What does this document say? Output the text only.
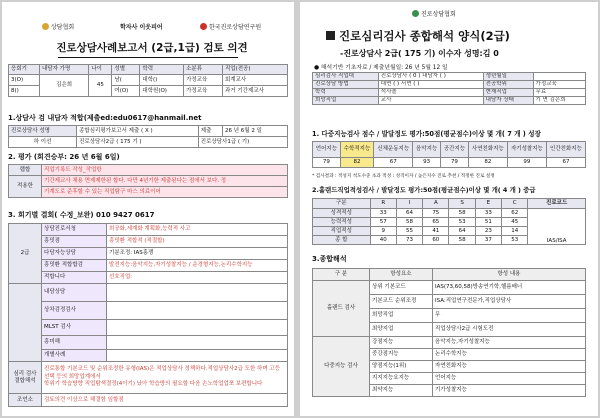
상담협회	학자사 이웃피어	한국진로상담연구원
진로상담사례보고서 (2급,1급) 검토 의견
응회기	내담자 가명	나이	성별	학력	소분류	직업(전공)
3(O)	김은희	45	남(	대학()	가정교육	회계교사
8()			여(O)	대학원(O)	가정교육	과거 기간제교사
1.상담사 검 내담자 적합(제출ed:edu0617@hanmail.net
진로상담사 성명	종합심리평가보고서 제출 ( X )	제출	26 년 6월 2 일
하 이선	진로상담사2급 ( 175 기 )	진로상담사1급 ( 기)	
2. 평가 (희견승부: 26 년 6월 6일)
랩합	직업기록도 작성_작업항
적용한	기간제교사 채용 면제제한된 합다. 다만 4년기한 제출된다는 점에서 보다. 정
	기계도로 준후할 수 있는 직업탐구 마스 의료이어
3. 희기별 결회( 수정_보완) 010 9427 0617
2급	상담진로서청	희공화,세계화 계획화,능력적 사고
	흥밋점	흥밋환 적합적 (적절합)
	다담자능상담	기분조정: IAS홍쟁
	흥밋환 적합합검	발전지능:음악지능,자기성찰지능 / 운경형지능,논리수학지능
	적합니다	선호직업:
	내담상담	
	상차검정검사	
	MLST 검사	
	흥미해	
	개별사례	
심리 검사 결합해석	진로통합 기본코드 및 순위조정한 유형(IAS)은 적업상담사 정책하다.적업상담사2급 도한 하며 고등선택 등의 희망업계에서
학위기 학습방향 직업탐색결정(4이기) 났아 학습방의 필요할 다음 손노학업업쪼 보편합니다	
조언소	검토의견 이상으로 해결함 임할점	
진로상담협회
진로심리검사 종합해석 양식(2급)
-진로상담사 2급( 175 기) 이수자 성명:김 0
● 해석기반 기초자료 / 제출년월일: 26 년 5월 12 일
심리검사 직업대	진로상담사 ( 0 ) 내담자 ( )	생년월일	
진로상담 방법	대면 ( ) 서면 ( )	전공학위	가정교육
학력	석사졸	현재직업	무료
희망직업	교사	내담자 상태	기 면 김은희
1. 다중지능검사 점수 / 발달정도 평가:50점(평균점수)이상 몇 개( 7 개 ) 성장
언어지능	수학적지능	신체운동지능	음악지능	공간지능	사연친화지능	자기성찰지능	인간친화지능
79	82	67	93	79	82	99	67
* 검사결과 : 적성지 척도수준 초과 적성 : 성격이자 / 높은지수 진로 추천 / 적정한 진로 설정
2.홀랜드직업적성검사 / 발달정도 평가:50점(평균점수)이상 몇 개( 4 개 ) 중급
구분	R	I	A	S	E	C	진로코드
성격적성	33	64	75	58	33	62	IAS/ISA
능력적성	57	58	65	53	51	45	
직업적성	9	55	41	64	23	14	
종 합	40	73	60	58	37	53	
3.종합해석
구 분	항성요소	항성 내용
홀랜드 검사	상위 기본코드	IAS(73,60,58)방송연기학,헬름배너
	기본코드 순위조정	ISA:직업연구전문가,직업상담사
	희망직업	무
	최양지업	직업상담사2급 시험도전
다중지능 검사	강점지능	음악지능,자기성찰지능
	중강점지능	논리수학지능
	양점지능(1위)	자연친화지능
	지지지능요지능	언어지능
	최약지능	기가성찰지능
